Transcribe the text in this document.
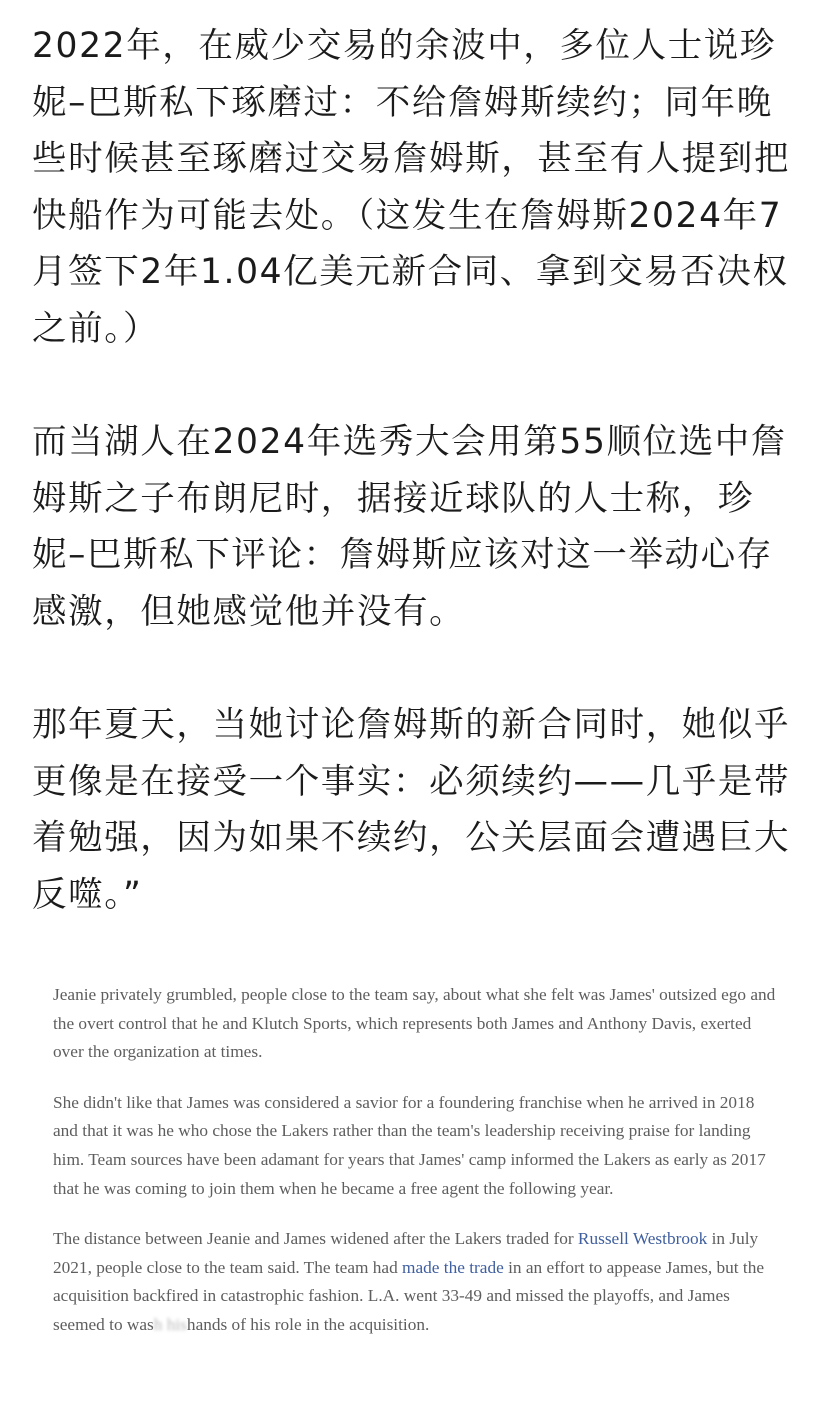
2022年，在威少交易的余波中，多位人士说珍妮–巴斯私下琢磨过：不给詹姆斯续约；同年晚些时候甚至琢磨过交易詹姆斯，甚至有人提到把快船作为可能去处。（这发生在詹姆斯2024年7月签下2年1.04亿美元新合同、拿到交易否决权之前。）

而当湖人在2024年选秀大会用第55顺位选中詹姆斯之子布朗尼时，据接近球队的人士称，珍妮–巴斯私下评论：詹姆斯应该对这一举动心存感激，但她感觉他并没有。

那年夏天，当她讨论詹姆斯的新合同时，她似乎更像是在接受一个事实：必须续约——几乎是带着勉强，因为如果不续约，公关层面会遭遇巨大反噬。”

Jeanie privately grumbled, people close to the team say, about what she felt was James' outsized ego and the overt control that he and Klutch Sports, which represents both James and Anthony Davis, exerted over the organization at times.

She didn't like that James was considered a savior for a foundering franchise when he arrived in 2018 and that it was he who chose the Lakers rather than the team's leadership receiving praise for landing him. Team sources have been adamant for years that James' camp informed the Lakers as early as 2017 that he was coming to join them when he became a free agent the following year.

The distance between Jeanie and James widened after the Lakers traded for Russell Westbrook in July 2021, people close to the team said. The team had made the trade in an effort to appease James, but the acquisition backfired in catastrophic fashion. L.A. went 33-49 and missed the playoffs, and James seemed to wash hishands of his role in the acquisition.
